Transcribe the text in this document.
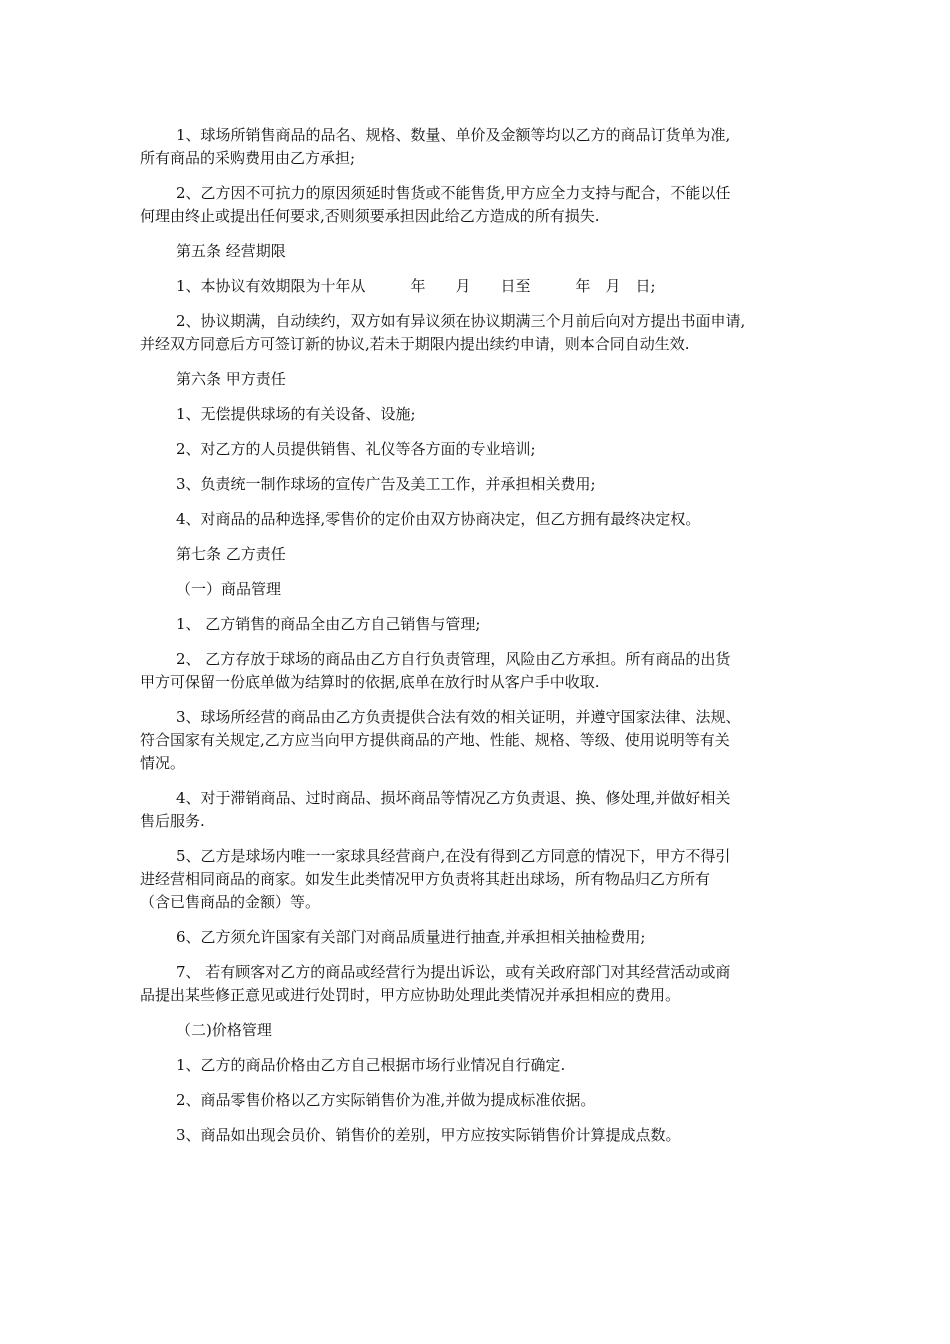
1、球场所销售商品的品名、规格、数量、单价及金额等均以乙方的商品订货单为准,
所有商品的采购费用由乙方承担;

2、乙方因不可抗力的原因须延时售货或不能售货,甲方应全力支持与配合，不能以任
何理由终止或提出任何要求,否则须要承担因此给乙方造成的所有损失.

第五条 经营期限

1、本协议有效期限为十年从　　　年　　月　　日至　　　年　月　日;

2、协议期满，自动续约，双方如有异议须在协议期满三个月前后向对方提出书面申请,
并经双方同意后方可签订新的协议,若未于期限内提出续约申请，则本合同自动生效.

第六条 甲方责任

1、无偿提供球场的有关设备、设施;

2、对乙方的人员提供销售、礼仪等各方面的专业培训;

3、负责统一制作球场的宣传广告及美工工作，并承担相关费用;

4、对商品的品种选择,零售价的定价由双方协商决定，但乙方拥有最终决定权。

第七条 乙方责任
（一）商品管理

1、 乙方销售的商品全由乙方自己销售与管理;

2、 乙方存放于球场的商品由乙方自行负责管理，风险由乙方承担。所有商品的出货
甲方可保留一份底单做为结算时的依据,底单在放行时从客户手中收取.

3、球场所经营的商品由乙方负责提供合法有效的相关证明，并遵守国家法律、法规、
符合国家有关规定,乙方应当向甲方提供商品的产地、性能、规格、等级、使用说明等有关
情况。

4、对于滞销商品、过时商品、损坏商品等情况乙方负责退、换、修处理,并做好相关
售后服务.

5、乙方是球场内唯一一家球具经营商户,在没有得到乙方同意的情况下，甲方不得引
进经营相同商品的商家。如发生此类情况甲方负责将其赶出球场，所有物品归乙方所有
（含已售商品的金额）等。

6、乙方须允许国家有关部门对商品质量进行抽查,并承担相关抽检费用;

7、 若有顾客对乙方的商品或经营行为提出诉讼，或有关政府部门对其经营活动或商
品提出某些修正意见或进行处罚时，甲方应协助处理此类情况并承担相应的费用。

（二)价格管理

1、乙方的商品价格由乙方自己根据市场行业情况自行确定.

2、商品零售价格以乙方实际销售价为准,并做为提成标准依据。

3、商品如出现会员价、销售价的差别，甲方应按实际销售价计算提成点数。
